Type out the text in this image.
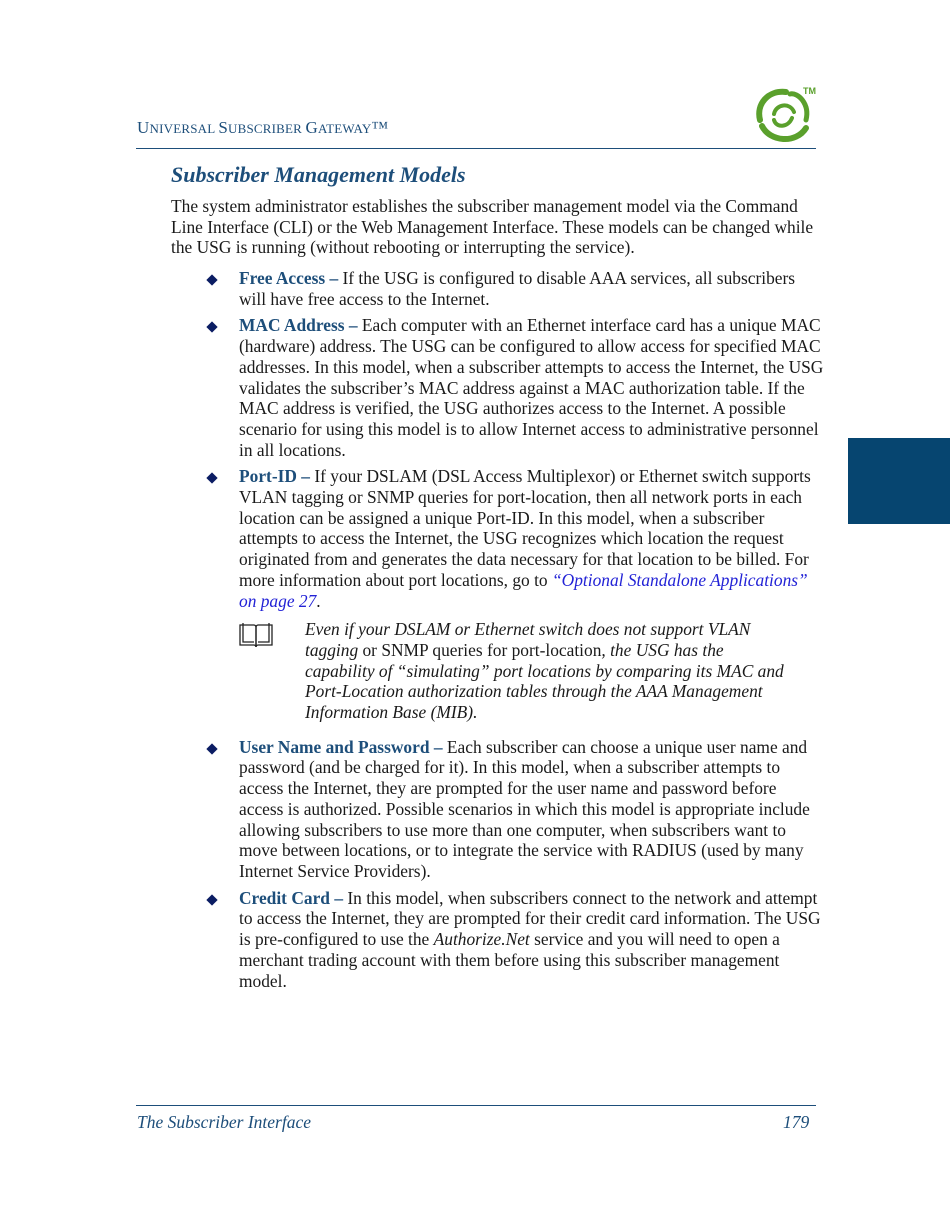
UNIVERSAL SUBSCRIBER GATEWAY™
TM
Subscriber Management Models
The system administrator establishes the subscriber management model via the Command Line Interface (CLI) or the Web Management Interface. These models can be changed while the USG is running (without rebooting or interrupting the service).
Free Access – If the USG is configured to disable AAA services, all subscribers will have free access to the Internet.
MAC Address – Each computer with an Ethernet interface card has a unique MAC (hardware) address. The USG can be configured to allow access for specified MAC addresses. In this model, when a subscriber attempts to access the Internet, the USG validates the subscriber’s MAC address against a MAC authorization table. If the MAC address is verified, the USG authorizes access to the Internet. A possible scenario for using this model is to allow Internet access to administrative personnel in all locations.
Port-ID – If your DSLAM (DSL Access Multiplexor) or Ethernet switch supports VLAN tagging or SNMP queries for port-location, then all network ports in each location can be assigned a unique Port-ID. In this model, when a subscriber attempts to access the Internet, the USG recognizes which location the request originated from and generates the data necessary for that location to be billed. For more information about port locations, go to “Optional Standalone Applications” on page 27.
Even if your DSLAM or Ethernet switch does not support VLAN tagging or SNMP queries for port-location, the USG has the capability of “simulating” port locations by comparing its MAC and Port-Location authorization tables through the AAA Management Information Base (MIB).
User Name and Password – Each subscriber can choose a unique user name and password (and be charged for it). In this model, when a subscriber attempts to access the Internet, they are prompted for the user name and password before access is authorized. Possible scenarios in which this model is appropriate include allowing subscribers to use more than one computer, when subscribers want to move between locations, or to integrate the service with RADIUS (used by many Internet Service Providers).
Credit Card – In this model, when subscribers connect to the network and attempt to access the Internet, they are prompted for their credit card information. The USG is pre-configured to use the Authorize.Net service and you will need to open a merchant trading account with them before using this subscriber management model.
The Subscriber Interface	179
